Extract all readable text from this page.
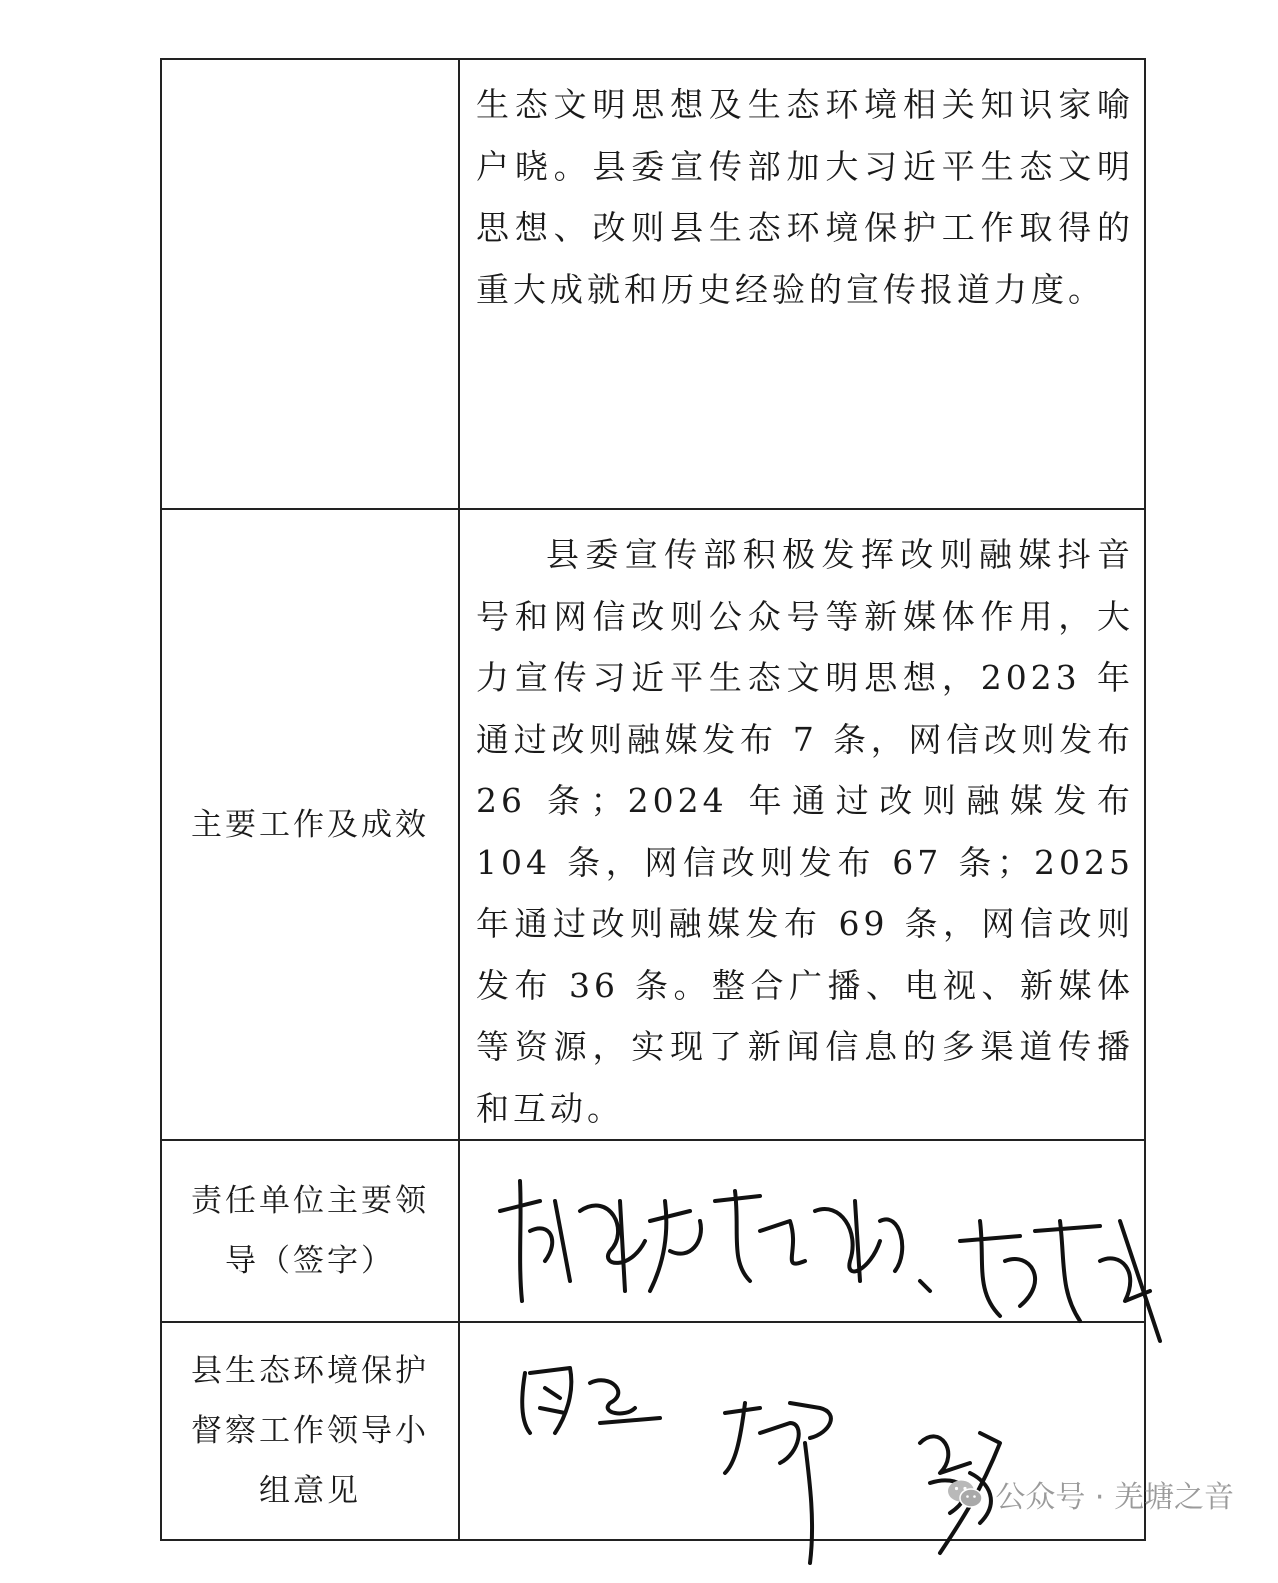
	生态文明思想及生态环境相关知识家喻户晓。县委宣传部加大习近平生态文明思想、改则县生态环境保护工作取得的重大成就和历史经验的宣传报道力度。
主要工作及成效	县委宣传部积极发挥改则融媒抖音号和网信改则公众号等新媒体作用，大力宣传习近平生态文明思想，2023 年通过改则融媒发布 7 条，网信改则发布 26 条；2024 年通过改则融媒发布 104 条，网信改则发布 67 条；2025 年通过改则融媒发布 69 条，网信改则发布 36 条。整合广播、电视、新媒体等资源，实现了新闻信息的多渠道传播和互动。
责任单位主要领导（签字）	

县生态环境保护督察工作领导小组意见		公众号 · 羌塘之音
